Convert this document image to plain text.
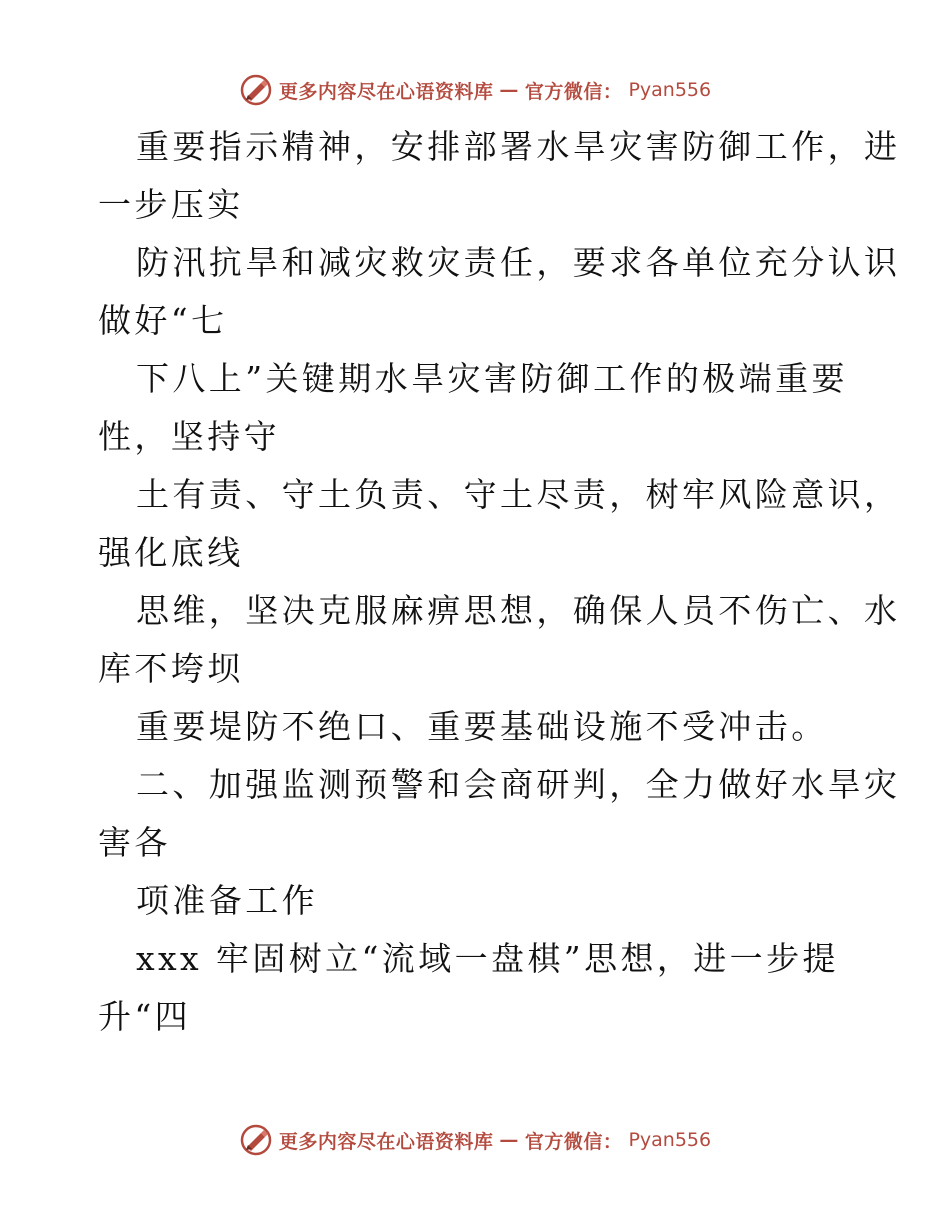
更多内容尽在心语资料库 — 官方微信： Pyan556
重要指示精神，安排部署水旱灾害防御工作，进
一步压实
防汛抗旱和减灾救灾责任，要求各单位充分认识
做好“七
下八上”关键期水旱灾害防御工作的极端重要
性，坚持守
土有责、守土负责、守土尽责，树牢风险意识，
强化底线
思维，坚决克服麻痹思想，确保人员不伤亡、水
库不垮坝
重要堤防不绝口、重要基础设施不受冲击。
二、加强监测预警和会商研判，全力做好水旱灾
害各
项准备工作
xxx 牢固树立“流域一盘棋”思想，进一步提
升“四
更多内容尽在心语资料库 — 官方微信： Pyan556
